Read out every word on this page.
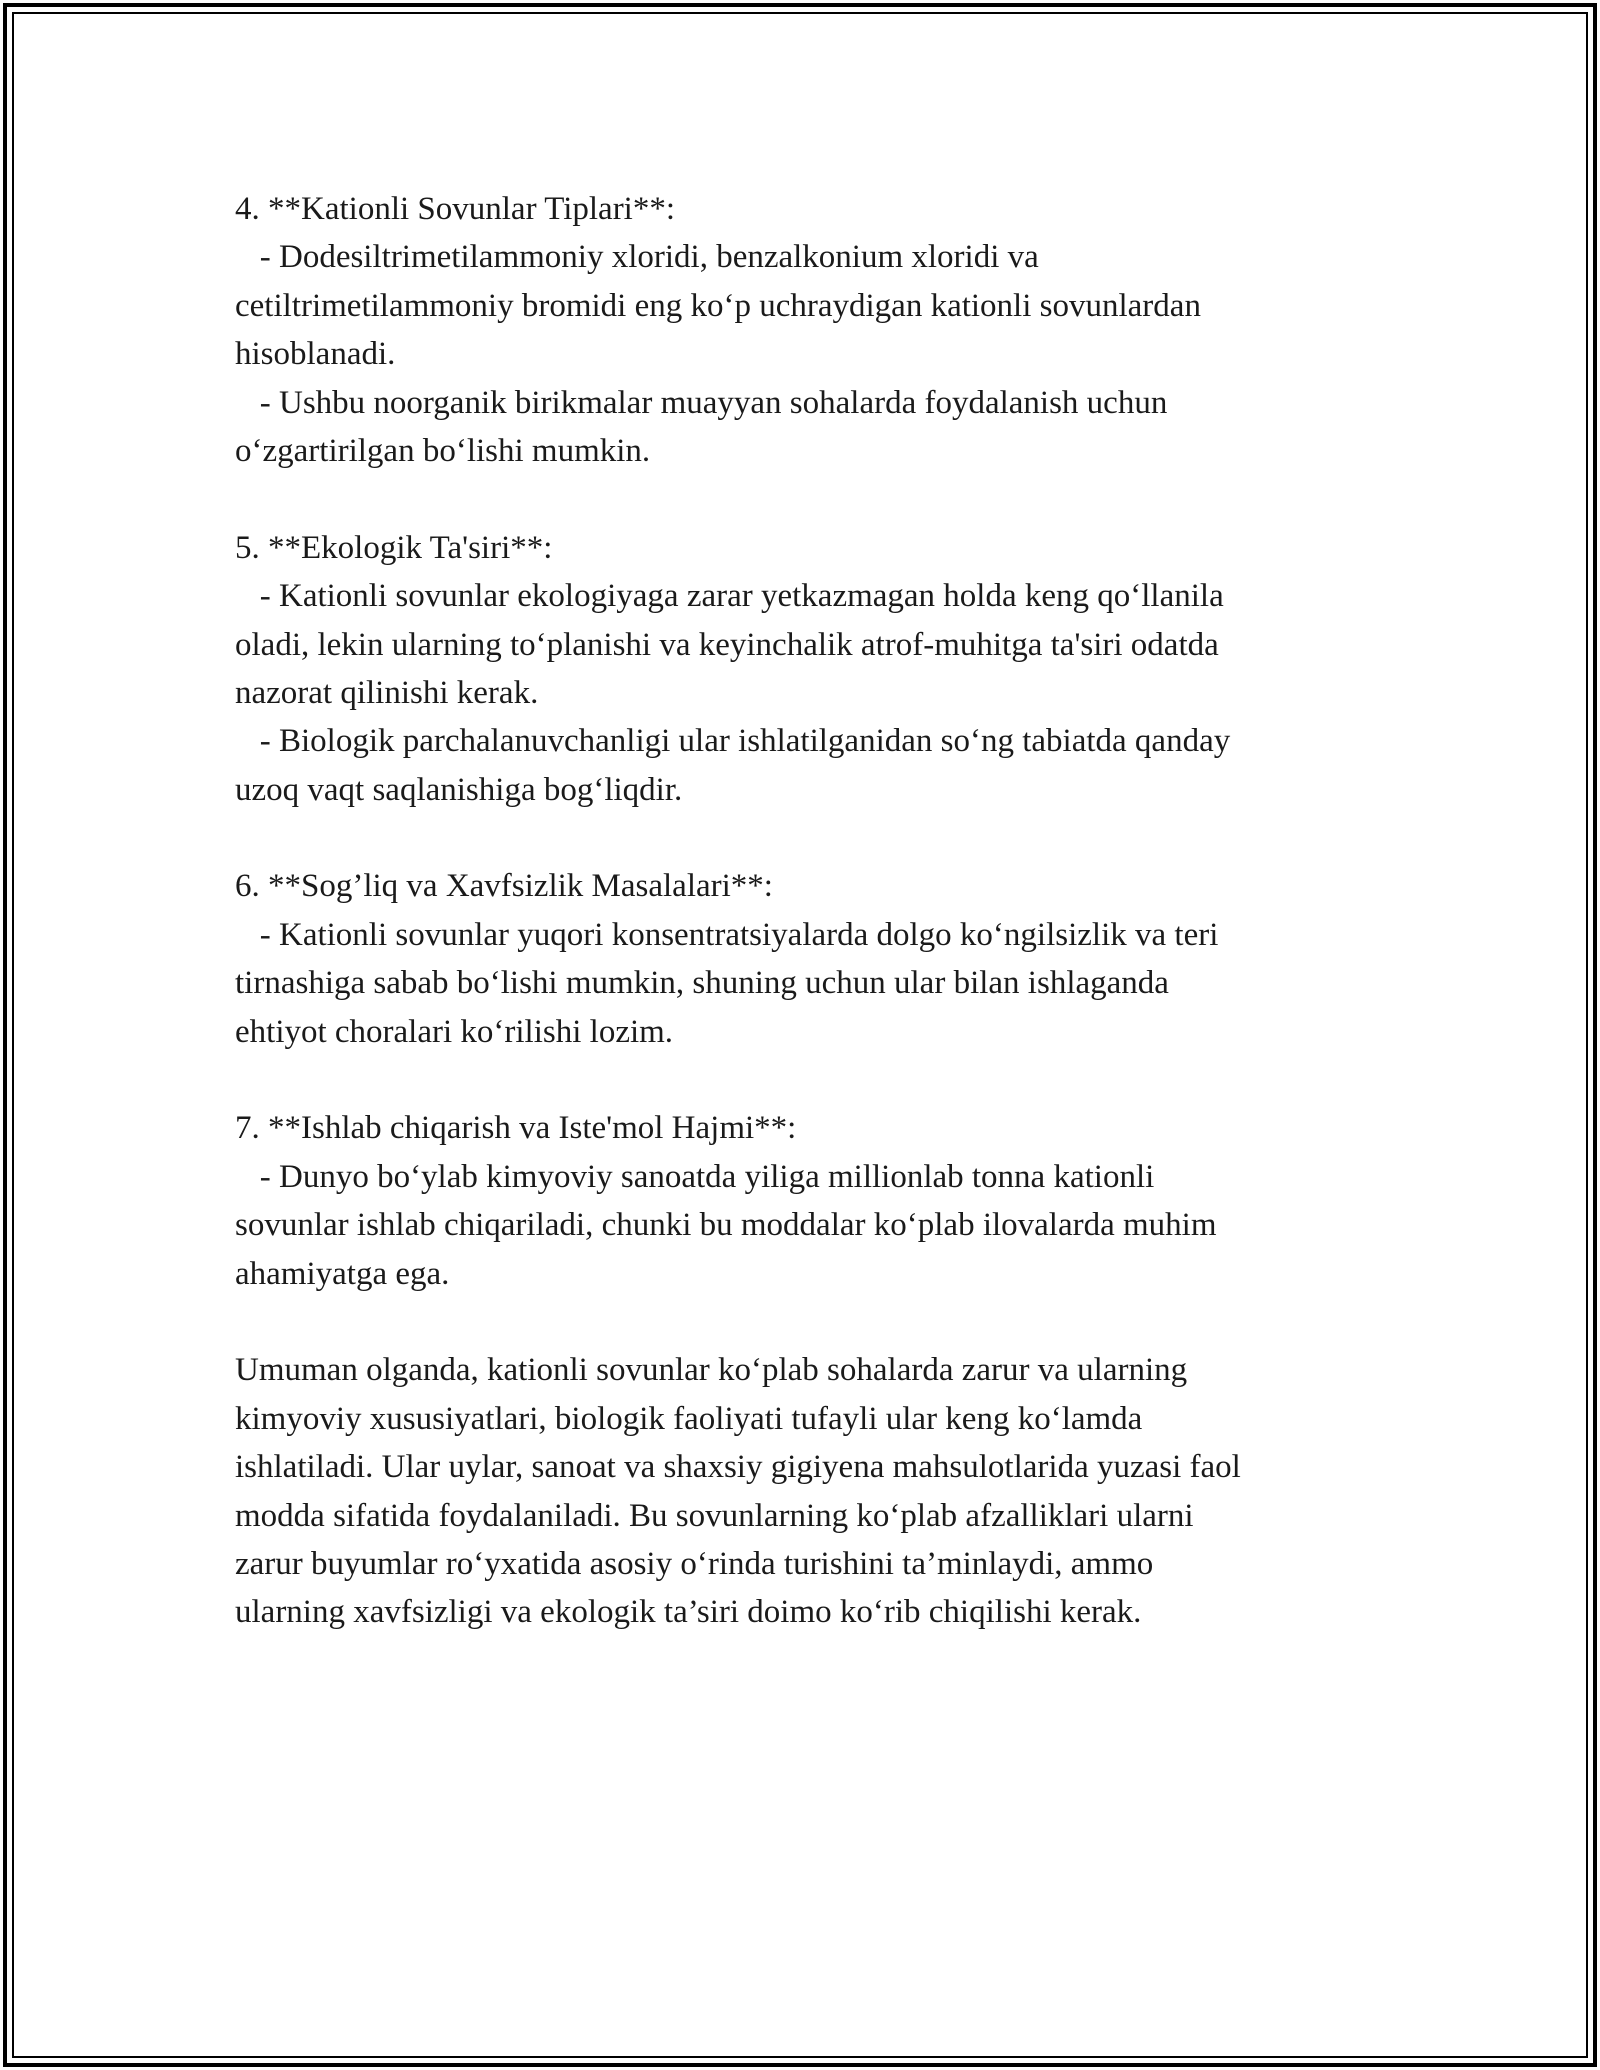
4. **Kationli Sovunlar Tiplari**:

- Dodesiltrimetilammoniy xloridi, benzalkonium xloridi va

cetiltrimetilammoniy bromidi eng ko‘p uchraydigan kationli sovunlardan

hisoblanadi.

- Ushbu noorganik birikmalar muayyan sohalarda foydalanish uchun

o‘zgartirilgan bo‘lishi mumkin.

5. **Ekologik Ta'siri**:

- Kationli sovunlar ekologiyaga zarar yetkazmagan holda keng qo‘llanila

oladi, lekin ularning to‘planishi va keyinchalik atrof-muhitga ta'siri odatda

nazorat qilinishi kerak.

- Biologik parchalanuvchanligi ular ishlatilganidan so‘ng tabiatda qanday

uzoq vaqt saqlanishiga bog‘liqdir.

6. **Sog’liq va Xavfsizlik Masalalari**:

- Kationli sovunlar yuqori konsentratsiyalarda dolgo ko‘ngilsizlik va teri

tirnashiga sabab bo‘lishi mumkin, shuning uchun ular bilan ishlaganda

ehtiyot choralari ko‘rilishi lozim.

7. **Ishlab chiqarish va Iste'mol Hajmi**:

- Dunyo bo‘ylab kimyoviy sanoatda yiliga millionlab tonna kationli

sovunlar ishlab chiqariladi, chunki bu moddalar ko‘plab ilovalarda muhim

ahamiyatga ega.

Umuman olganda, kationli sovunlar ko‘plab sohalarda zarur va ularning

kimyoviy xususiyatlari, biologik faoliyati tufayli ular keng ko‘lamda

ishlatiladi. Ular uylar, sanoat va shaxsiy gigiyena mahsulotlarida yuzasi faol

modda sifatida foydalaniladi. Bu sovunlarning ko‘plab afzalliklari ularni

zarur buyumlar ro‘yxatida asosiy o‘rinda turishini ta’minlaydi, ammo

ularning xavfsizligi va ekologik ta’siri doimo ko‘rib chiqilishi kerak.
